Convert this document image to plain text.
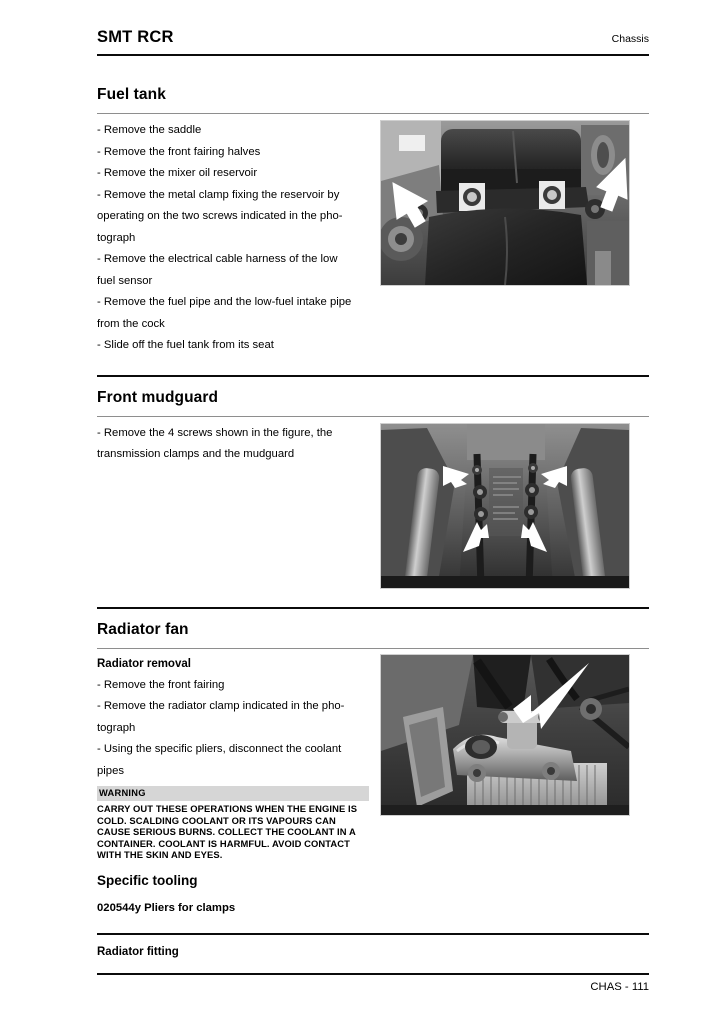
SMT RCR	Chassis
Fuel tank

- Remove the saddle

- Remove the front fairing halves

- Remove the mixer oil reservoir

- Remove the metal clamp fixing the reservoir by

operating on the two screws indicated in the pho-

tograph

- Remove the electrical cable harness of the low

fuel sensor

- Remove the fuel pipe and the low-fuel intake pipe

from the cock

- Slide off the fuel tank from its seat

Front mudguard

- Remove the 4 screws shown in the figure, the

transmission clamps and the mudguard

Radiator fan

Radiator removal

- Remove the front fairing

- Remove the radiator clamp indicated in the pho-

tograph

- Using the specific pliers, disconnect the coolant

pipes

WARNING
CARRY OUT THESE OPERATIONS WHEN THE ENGINE IS
COLD. SCALDING COOLANT OR ITS VAPOURS CAN
CAUSE SERIOUS BURNS. COLLECT THE COOLANT IN A
CONTAINER. COOLANT IS HARMFUL. AVOID CONTACT
WITH THE SKIN AND EYES.

Specific tooling

020544y Pliers for clamps

Radiator fitting

CHAS - 111
